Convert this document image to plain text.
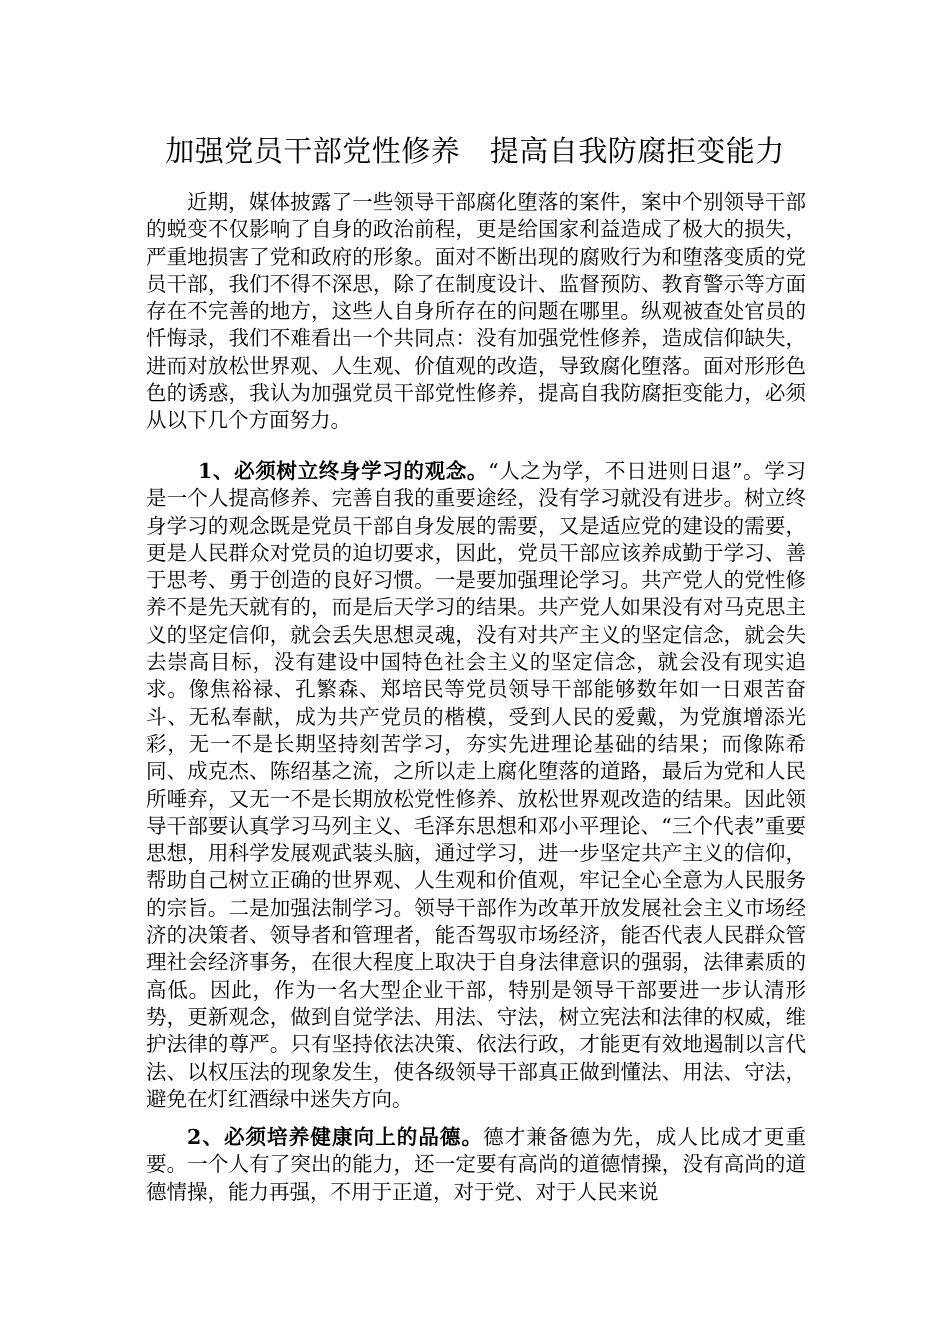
加强党员干部党性修养　提高自我防腐拒变能力
近期，媒体披露了一些领导干部腐化堕落的案件，案中个别领导干部的蜕变不仅影响了自身的政治前程，更是给国家利益造成了极大的损失，严重地损害了党和政府的形象。面对不断出现的腐败行为和堕落变质的党员干部，我们不得不深思，除了在制度设计、监督预防、教育警示等方面存在不完善的地方，这些人自身所存在的问题在哪里。纵观被查处官员的忏悔录，我们不难看出一个共同点：没有加强党性修养，造成信仰缺失，进而对放松世界观、人生观、价值观的改造，导致腐化堕落。面对形形色色的诱惑，我认为加强党员干部党性修养，提高自我防腐拒变能力，必须从以下几个方面努力。
1、必须树立终身学习的观念。“人之为学，不日进则日退”。学习是一个人提高修养、完善自我的重要途经，没有学习就没有进步。树立终身学习的观念既是党员干部自身发展的需要，又是适应党的建设的需要，更是人民群众对党员的迫切要求，因此，党员干部应该养成勤于学习、善于思考、勇于创造的良好习惯。一是要加强理论学习。共产党人的党性修养不是先天就有的，而是后天学习的结果。共产党人如果没有对马克思主义的坚定信仰，就会丢失思想灵魂，没有对共产主义的坚定信念，就会失去崇高目标，没有建设中国特色社会主义的坚定信念，就会没有现实追求。像焦裕禄、孔繁森、郑培民等党员领导干部能够数年如一日艰苦奋斗、无私奉献，成为共产党员的楷模，受到人民的爱戴，为党旗增添光彩，无一不是长期坚持刻苦学习，夯实先进理论基础的结果；而像陈希同、成克杰、陈绍基之流，之所以走上腐化堕落的道路，最后为党和人民所唾弃，又无一不是长期放松党性修养、放松世界观改造的结果。因此领导干部要认真学习马列主义、毛泽东思想和邓小平理论、“三个代表”重要思想，用科学发展观武装头脑，通过学习，进一步坚定共产主义的信仰，帮助自己树立正确的世界观、人生观和价值观，牢记全心全意为人民服务的宗旨。二是加强法制学习。领导干部作为改革开放发展社会主义市场经济的决策者、领导者和管理者，能否驾驭市场经济，能否代表人民群众管理社会经济事务，在很大程度上取决于自身法律意识的强弱，法律素质的高低。因此，作为一名大型企业干部，特别是领导干部要进一步认清形势，更新观念，做到自觉学法、用法、守法，树立宪法和法律的权威，维护法律的尊严。只有坚持依法决策、依法行政，才能更有效地遏制以言代法、以权压法的现象发生，使各级领导干部真正做到懂法、用法、守法，避免在灯红酒绿中迷失方向。
2、必须培养健康向上的品德。德才兼备德为先，成人比成才更重要。一个人有了突出的能力，还一定要有高尚的道德情操，没有高尚的道德情操，能力再强，不用于正道，对于党、对于人民来说
